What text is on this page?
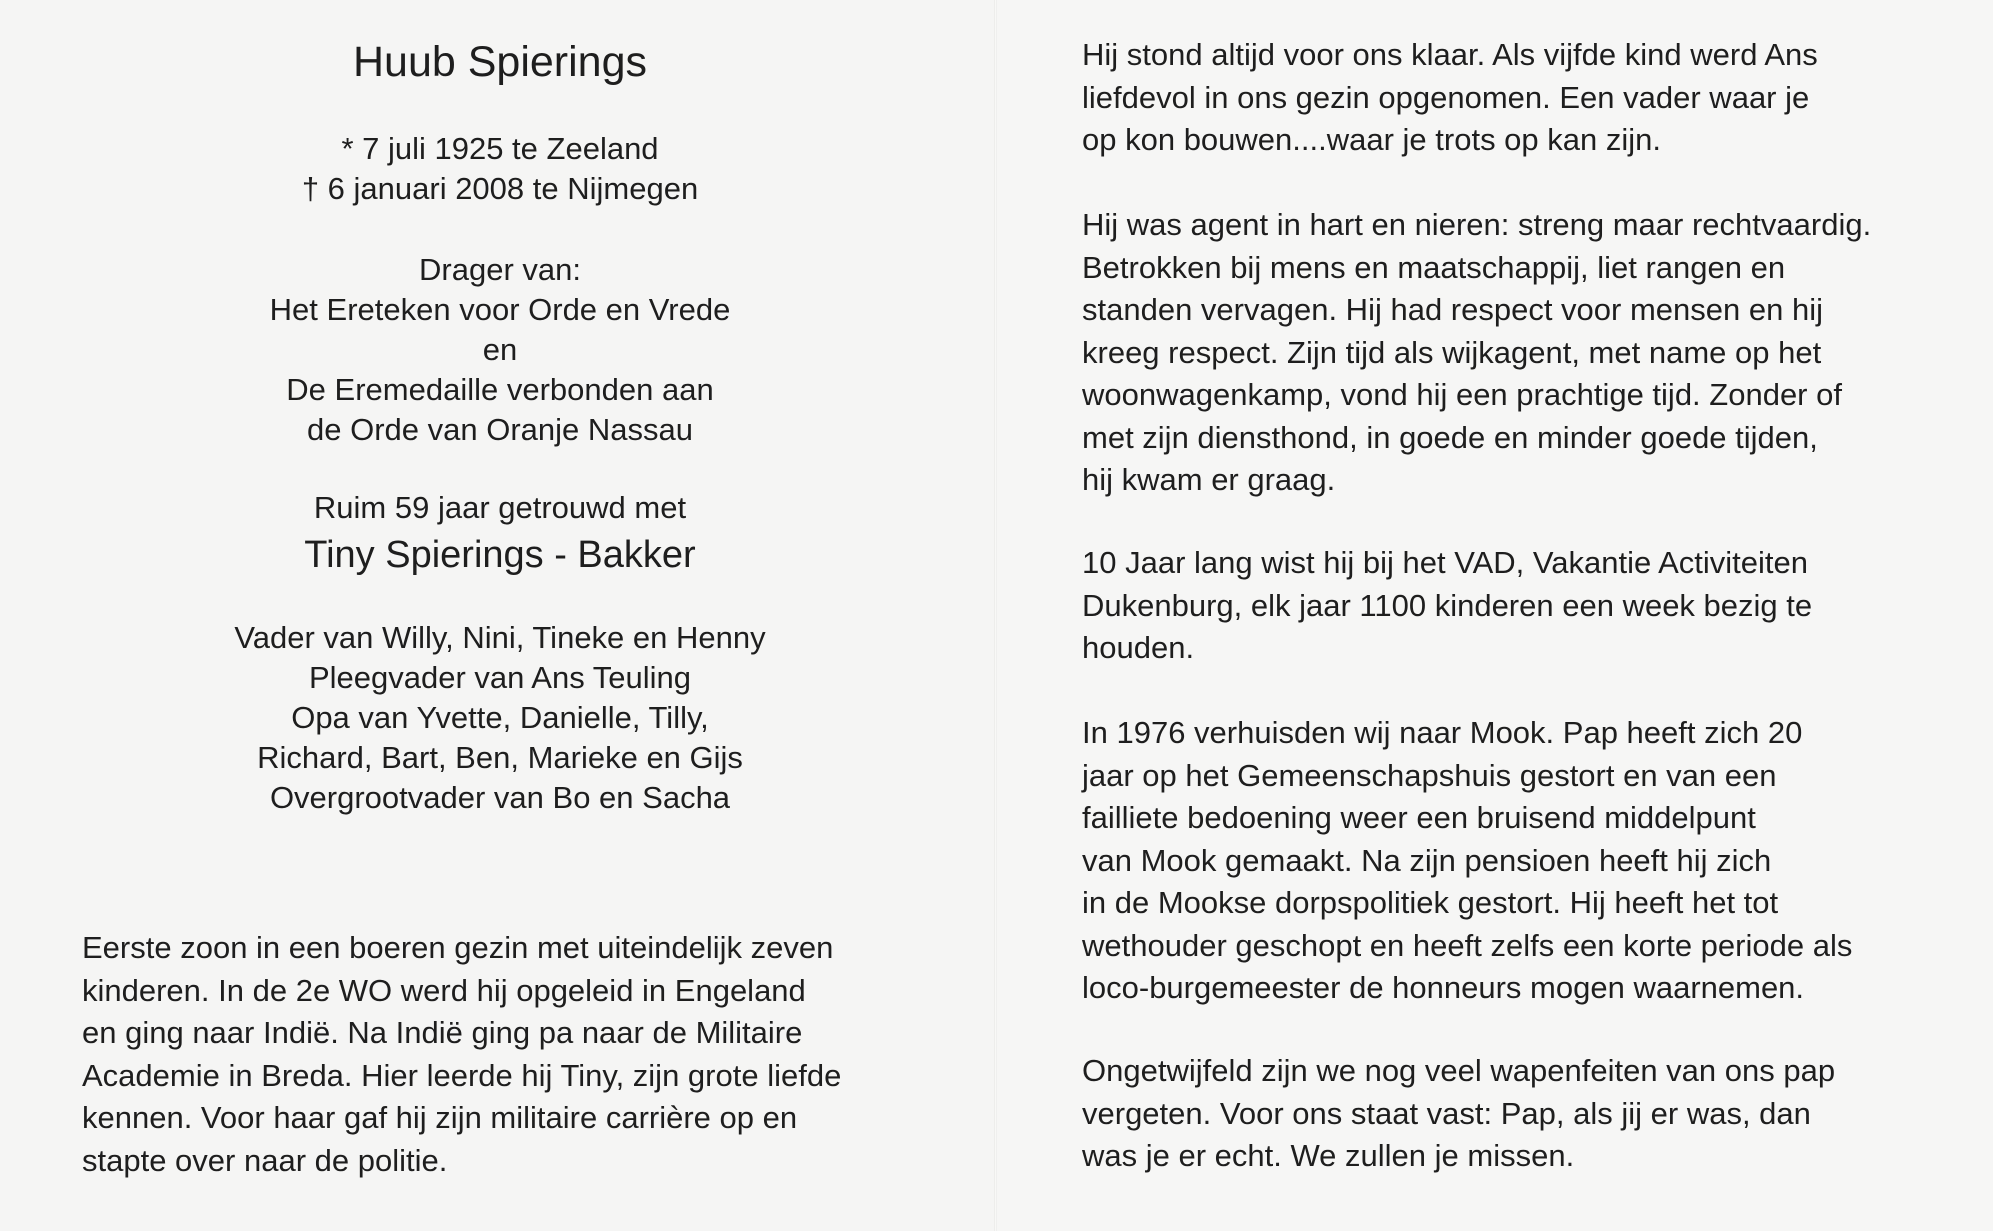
Huub Spierings
* 7 juli 1925 te Zeeland
† 6 januari 2008 te Nijmegen
Drager van:
Het Ereteken voor Orde en Vrede
en
De Eremedaille verbonden aan
de Orde van Oranje Nassau
Ruim 59 jaar getrouwd met
Tiny Spierings - Bakker
Vader van Willy, Nini, Tineke en Henny
Pleegvader van Ans Teuling
Opa van Yvette, Danielle, Tilly,
Richard, Bart, Ben, Marieke en Gijs
Overgrootvader van Bo en Sacha
Eerste zoon in een boeren gezin met uiteindelijk zeven
kinderen. In de 2e WO werd hij opgeleid in Engeland
en ging naar Indië. Na Indië ging pa naar de Militaire
Academie in Breda. Hier leerde hij Tiny, zijn grote liefde
kennen. Voor haar gaf hij zijn militaire carrière op en
stapte over naar de politie.
Hij stond altijd voor ons klaar. Als vijfde kind werd Ans
liefdevol in ons gezin opgenomen. Een vader waar je
op kon bouwen....waar je trots op kan zijn.
Hij was agent in hart en nieren: streng maar rechtvaardig.
Betrokken bij mens en maatschappij, liet rangen en
standen vervagen. Hij had respect voor mensen en hij
kreeg respect. Zijn tijd als wijkagent, met name op het
woonwagenkamp, vond hij een prachtige tijd. Zonder of
met zijn diensthond, in goede en minder goede tijden,
hij kwam er graag.
10 Jaar lang wist hij bij het VAD, Vakantie Activiteiten
Dukenburg, elk jaar 1100 kinderen een week bezig te
houden.
In 1976 verhuisden wij naar Mook. Pap heeft zich 20
jaar op het Gemeenschapshuis gestort en van een
failliete bedoening weer een bruisend middelpunt
van Mook gemaakt. Na zijn pensioen heeft hij zich
in de Mookse dorpspolitiek gestort. Hij heeft het tot
wethouder geschopt en heeft zelfs een korte periode als
loco-burgemeester de honneurs mogen waarnemen.
Ongetwijfeld zijn we nog veel wapenfeiten van ons pap
vergeten. Voor ons staat vast: Pap, als jij er was, dan
was je er echt. We zullen je missen.
